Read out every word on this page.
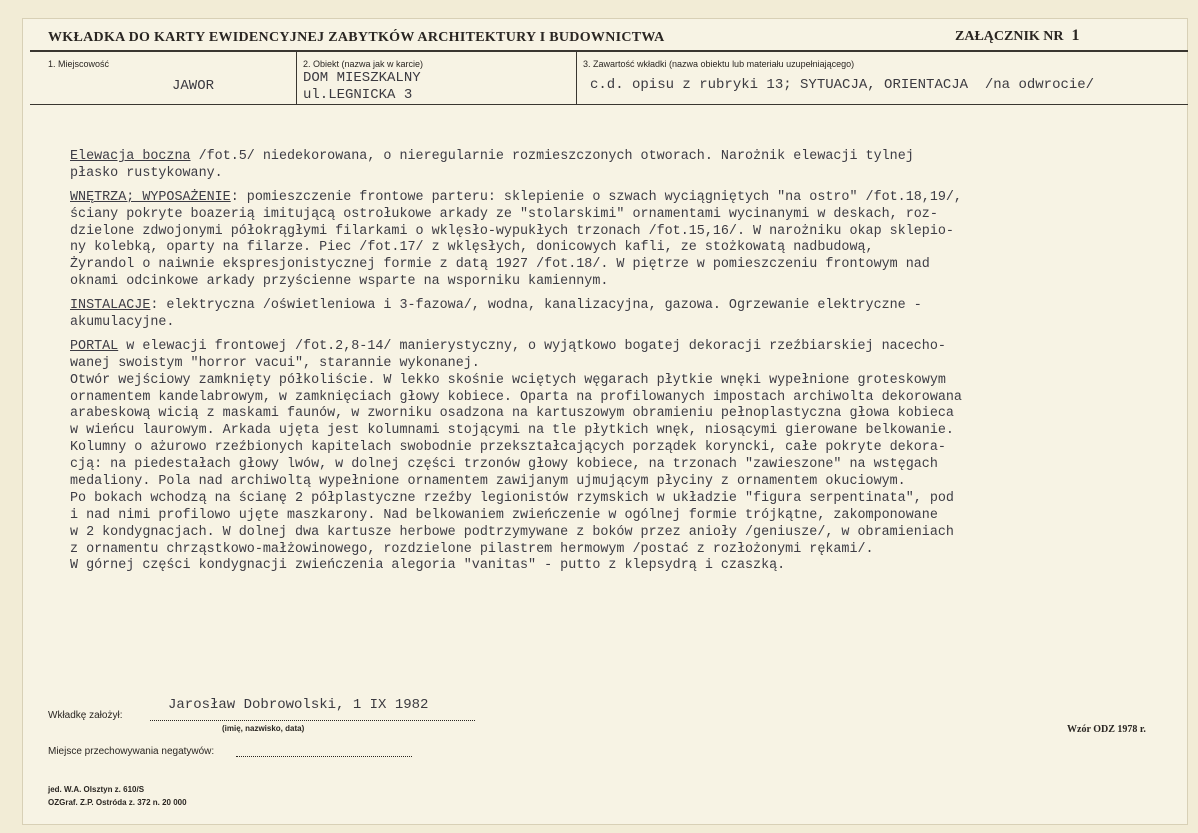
WKŁADKA DO KARTY EWIDENCYJNEJ ZABYTKÓW ARCHITEKTURY I BUDOWNICTWA	ZAŁĄCZNIK NR 1
1. Miejscowość
JAWOR
2. Obiekt (nazwa jak w karcie)
DOM MIESZKALNY
ul.LEGNICKA 3
3. Zawartość wkładki (nazwa obiektu lub materiału uzupełniającego)
c.d. opisu z rubryki 13; SYTUACJA, ORIENTACJA  /na odwrocie/
Elewacja boczna /fot.5/ niedekorowana, o nieregularnie rozmieszczonych otworach. Narożnik elewacji tylnej
płasko rustykowany.
WNĘTRZA; WYPOSAŻENIE: pomieszczenie frontowe parteru: sklepienie o szwach wyciągniętych "na ostro" /fot.18,19/,
ściany pokryte boazerią imitującą ostrołukowe arkady ze "stolarskimi" ornamentami wycinanymi w deskach, roz-
dzielone zdwojonymi półokrągłymi filarkami o wklęsło-wypukłych trzonach /fot.15,16/. W narożniku okap sklepio-
ny kolebką, oparty na filarze. Piec /fot.17/ z wklęsłych, donicowych kafli, ze stożkowatą nadbudową,
Żyrandol o naiwnie ekspresjonistycznej formie z datą 1927 /fot.18/. W piętrze w pomieszczeniu frontowym nad
oknami odcinkowe arkady przyścienne wsparte na wsporniku kamiennym.
INSTALACJE: elektryczna /oświetleniowa i 3-fazowa/, wodna, kanalizacyjna, gazowa. Ogrzewanie elektryczne -
akumulacyjne.
PORTAL w elewacji frontowej /fot.2,8-14/ manierystyczny, o wyjątkowo bogatej dekoracji rzeźbiarskiej nacecho-
wanej swoistym "horror vacui", starannie wykonanej.
Otwór wejściowy zamknięty półkoliście. W lekko skośnie wciętych węgarach płytkie wnęki wypełnione groteskowym
ornamentem kandelabrowym, w zamknięciach głowy kobiece. Oparta na profilowanych impostach archiwolta dekorowana
arabeskową wicią z maskami faunów, w zworniku osadzona na kartuszowym obramieniu pełnoplastyczna głowa kobieca
w wieńcu laurowym. Arkada ujęta jest kolumnami stojącymi na tle płytkich wnęk, niosącymi gierowane belkowanie.
Kolumny o ażurowo rzeźbionych kapitelach swobodnie przekształcających porządek koryncki, całe pokryte dekora-
cją: na piedestałach głowy lwów, w dolnej części trzonów głowy kobiece, na trzonach "zawieszone" na wstęgach
medaliony. Pola nad archiwoltą wypełnione ornamentem zawijanym ujmującym płyciny z ornamentem okuciowym.
Po bokach wchodzą na ścianę 2 półplastyczne rzeźby legionistów rzymskich w układzie "figura serpentinata", pod
i nad nimi profilowo ujęte maszkarony. Nad belkowaniem zwieńczenie w ogólnej formie trójkątne, zakomponowane
w 2 kondygnacjach. W dolnej dwa kartusze herbowe podtrzymywane z boków przez anioły /geniusze/, w obramieniach
z ornamentu chrząstkowo-małżowinowego, rozdzielone pilastrem hermowym /postać z rozłożonymi rękami/.
W górnej części kondygnacji zwieńczenia alegoria "vanitas" - putto z klepsydrą i czaszką.
Wkładkę założył:
Jarosław Dobrowolski, 1 IX 1982
(imię, nazwisko, data)	Wzór ODZ 1978 r.
Miejsce przechowywania negatywów:
jed. W.A. Olsztyn z. 610/S
OZGraf. Z.P. Ostróda z. 372 n. 20 000
